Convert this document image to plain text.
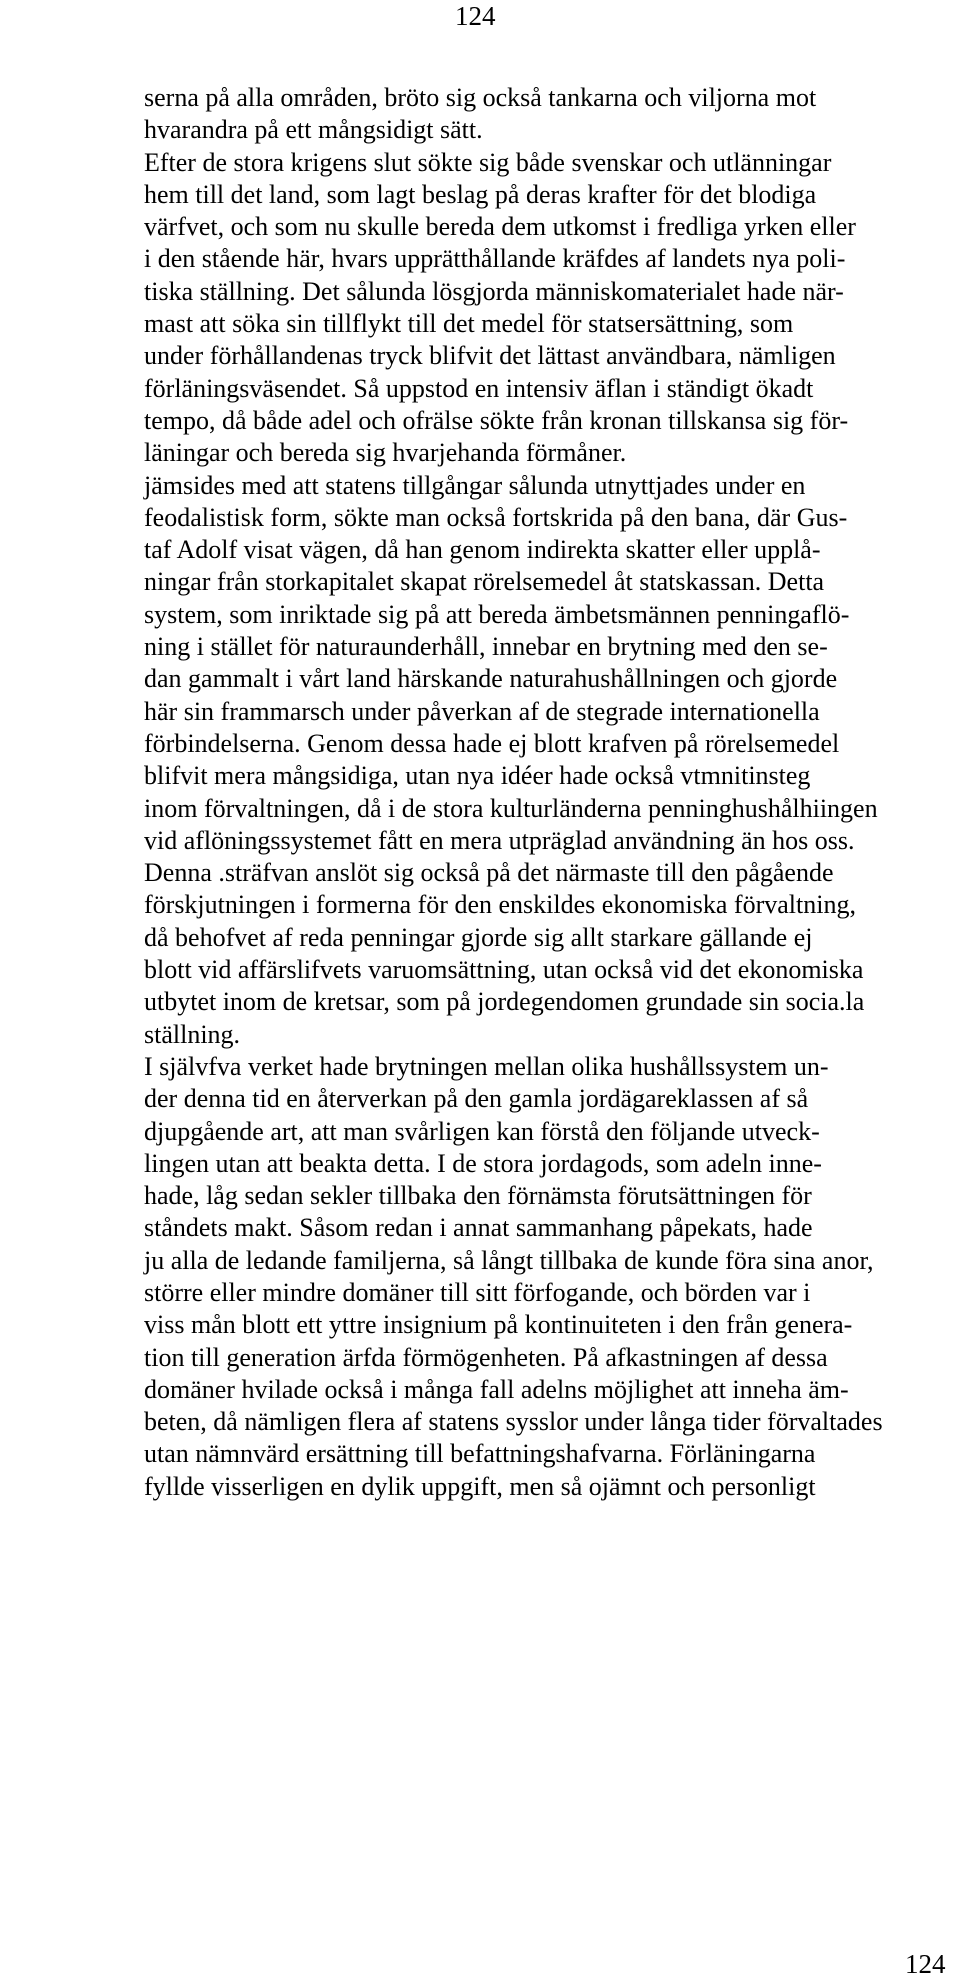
124
serna på alla områden, bröto sig också tankarna och viljorna mot
hvarandra på ett mångsidigt sätt.
Efter de stora krigens slut sökte sig både svenskar och utlänningar
hem till det land, som lagt beslag på deras krafter för det blodiga
värfvet, och som nu skulle bereda dem utkomst i fredliga yrken eller
i den stående här, hvars upprätthållande kräfdes af landets nya poli-
tiska ställning. Det sålunda lösgjorda människomaterialet hade när-
mast att söka sin tillflykt till det medel för statsersättning, som
under förhållandenas tryck blifvit det lättast användbara, nämligen
förläningsväsendet. Så uppstod en intensiv äflan i ständigt ökadt
tempo, då både adel och ofrälse sökte från kronan tillskansa sig för-
läningar och bereda sig hvarjehanda förmåner.
jämsides med att statens tillgångar sålunda utnyttjades under en
feodalistisk form, sökte man också fortskrida på den bana, där Gus-
taf Adolf visat vägen, då han genom indirekta skatter eller upplå-
ningar från storkapitalet skapat rörelsemedel åt statskassan. Detta
system, som inriktade sig på att bereda ämbetsmännen penningaflö-
ning i stället för naturaunderhåll, innebar en brytning med den se-
dan gammalt i vårt land härskande naturahushållningen och gjorde
här sin frammarsch under påverkan af de stegrade internationella
förbindelserna. Genom dessa hade ej blott krafven på rörelsemedel
blifvit mera mångsidiga, utan nya idéer hade också vtmnitinsteg
inom förvaltningen, då i de stora kulturländerna penninghushålhiingen
vid aflöningssystemet fått en mera utpräglad användning än hos oss.
Denna .sträfvan anslöt sig också på det närmaste till den pågående
förskjutningen i formerna för den enskildes ekonomiska förvaltning,
då behofvet af reda penningar gjorde sig allt starkare gällande ej
blott vid affärslifvets varuomsättning, utan också vid det ekonomiska
utbytet inom de kretsar, som på jordegendomen grundade sin socia.la
ställning.
I självfva verket hade brytningen mellan olika hushållssystem un-
der denna tid en återverkan på den gamla jordägareklassen af så
djupgående art, att man svårligen kan förstå den följande utveck-
lingen utan att beakta detta. I de stora jordagods, som adeln inne-
hade, låg sedan sekler tillbaka den förnämsta förutsättningen för
ståndets makt. Såsom redan i annat sammanhang påpekats, hade
ju alla de ledande familjerna, så långt tillbaka de kunde föra sina anor,
större eller mindre domäner till sitt förfogande, och börden var i
viss mån blott ett yttre insignium på kontinuiteten i den från genera-
tion till generation ärfda förmögenheten. På afkastningen af dessa
domäner hvilade också i många fall adelns möjlighet att inneha äm-
beten, då nämligen flera af statens sysslor under långa tider förvaltades
utan nämnvärd ersättning till befattningshafvarna. Förläningarna
fyllde visserligen en dylik uppgift, men så ojämnt och personligt
124
